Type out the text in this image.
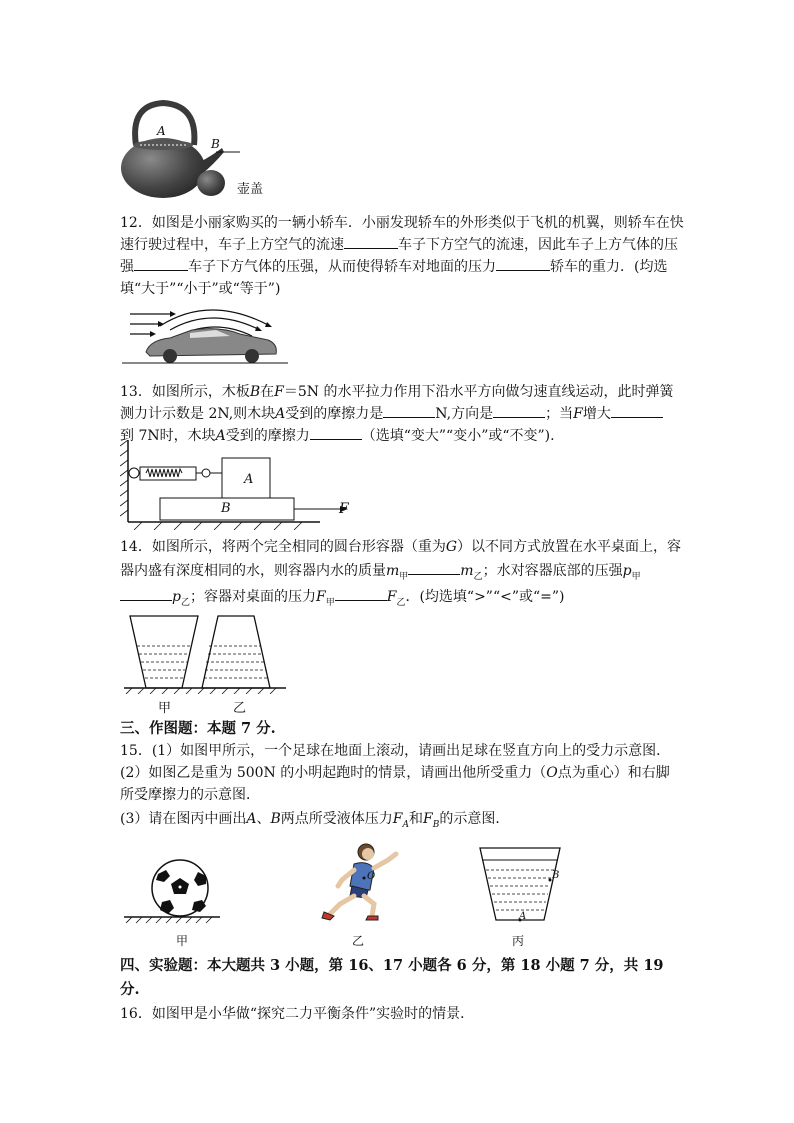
A
B
壶盖
12．如图是小丽家购买的一辆小轿车．小丽发现轿车的外形类似于飞机的机翼，则轿车在快
速行驶过程中，车子上方空气的流速	车子下方空气的流速，因此车子上方气体的压
强	车子下方气体的压强，从而使得轿车对地面的压力	轿车的重力．(均选
填“大于”“小于”或“等于”)
13．如图所示，木板B在F＝5N 的水平拉力作用下沿水平方向做匀速直线运动，此时弹簧
测力计示数是 2N,则木块A受到的摩擦力是	N,方向是	；当F增大
到 7N时，木块A受到的摩擦力	（选填“变大”“变小”或“不变”).
A
B	F
14．如图所示，将两个完全相同的圆台形容器（重为G）以不同方式放置在水平桌面上，容
器内盛有深度相同的水，则容器内水的质量$m_甲$	$m_乙$；水对容器底部的压强$p_甲$
$p_乙$；容器对桌面的压力$F_甲$	$F_乙$．(均选填“>”“<”或“=”)
甲	乙
三、作图题：本题 7 分.
15．(1）如图甲所示，一个足球在地面上滚动，请画出足球在竖直方向上的受力示意图．
(2）如图乙是重为 500N 的小明起跑时的情景，请画出他所受重力（O点为重心）和右脚
所受摩擦力的示意图．
(3）请在图丙中画出A、B两点所受液体压力$F_A$和$F_B$的示意图．
甲
O
乙
B
A
丙
四、实验题：本大题共 3 小题，第 16、17 小题各 6 分，第 18 小题 7 分，共 19
分.
16．如图甲是小华做“探究二力平衡条件”实验时的情景．
